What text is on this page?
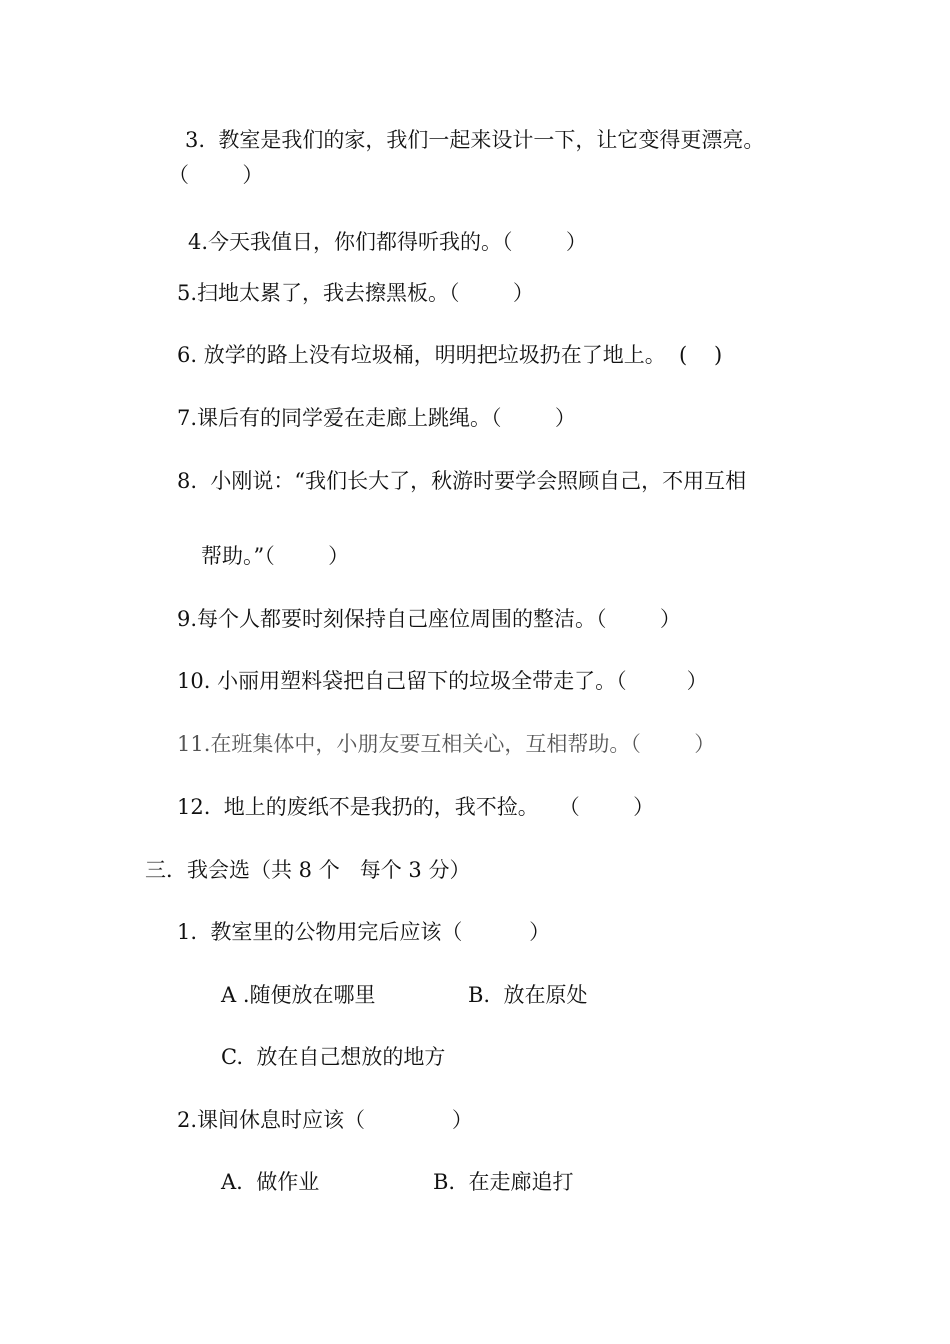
3.  教室是我们的家，我们一起来设计一下，让它变得更漂亮。
（        ）
4.今天我值日，你们都得听我的。（        ）
5.扫地太累了，我去擦黑板。（        ）
6. 放学的路上没有垃圾桶，明明把垃圾扔在了地上。  (    )
7.课后有的同学爱在走廊上跳绳。（        ）
8.  小刚说：“我们长大了，秋游时要学会照顾自己，不用互相
帮助。”（        ）
9.每个人都要时刻保持自己座位周围的整洁。（        ）
10. 小丽用塑料袋把自己留下的垃圾全带走了。（         ）
11.在班集体中，小朋友要互相关心，互相帮助。（        ）
12.  地上的废纸不是我扔的，我不捡。   （        ）
三．我会选（共 8 个   每个 3 分）
1.  教室里的公物用完后应该（          ）
A .随便放在哪里	B.  放在原处
C.  放在自己想放的地方
2.课间休息时应该（             ）
A.  做作业	B.  在走廊追打
